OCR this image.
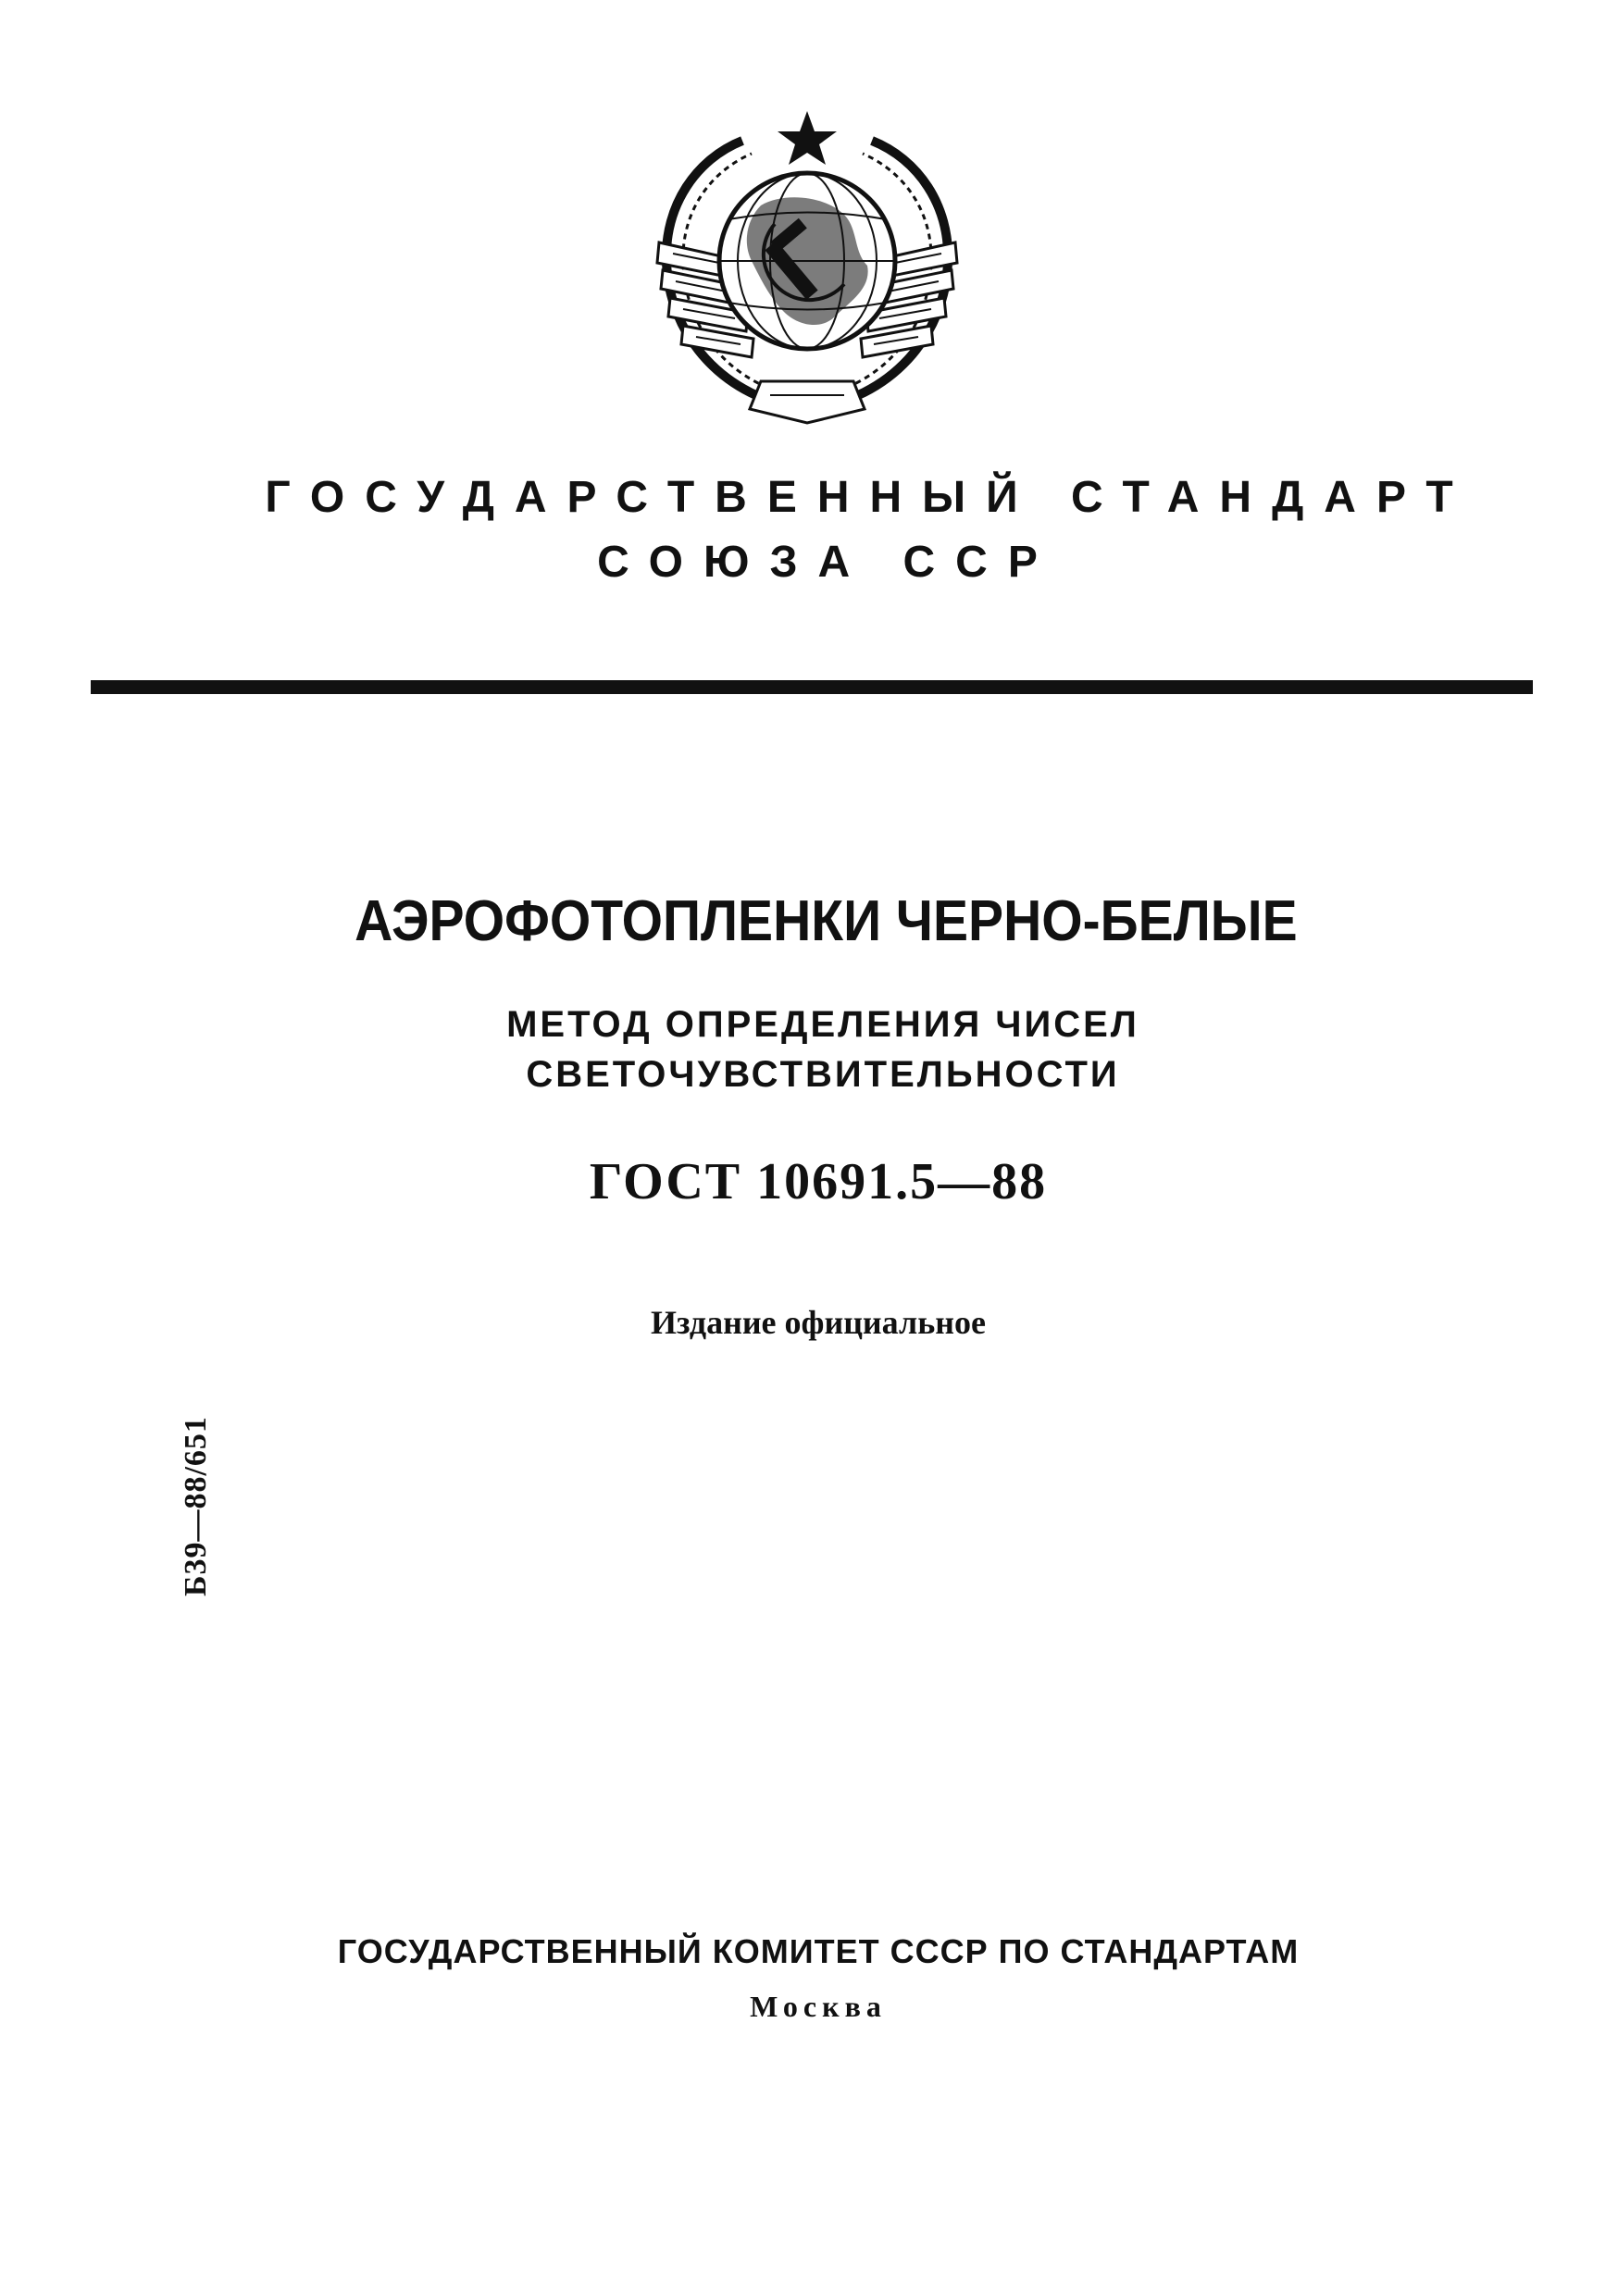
ГОСУДАРСТВЕННЫЙ СТАНДАРТ
СОЮЗА ССР
АЭРОФОТОПЛЕНКИ ЧЕРНО-БЕЛЫЕ
МЕТОД ОПРЕДЕЛЕНИЯ ЧИСЕЛ
СВЕТОЧУВСТВИТЕЛЬНОСТИ
ГОСТ 10691.5—88
Издание официальное
Б39—88/651
ГОСУДАРСТВЕННЫЙ КОМИТЕТ СССР ПО СТАНДАРТАМ
Москва
